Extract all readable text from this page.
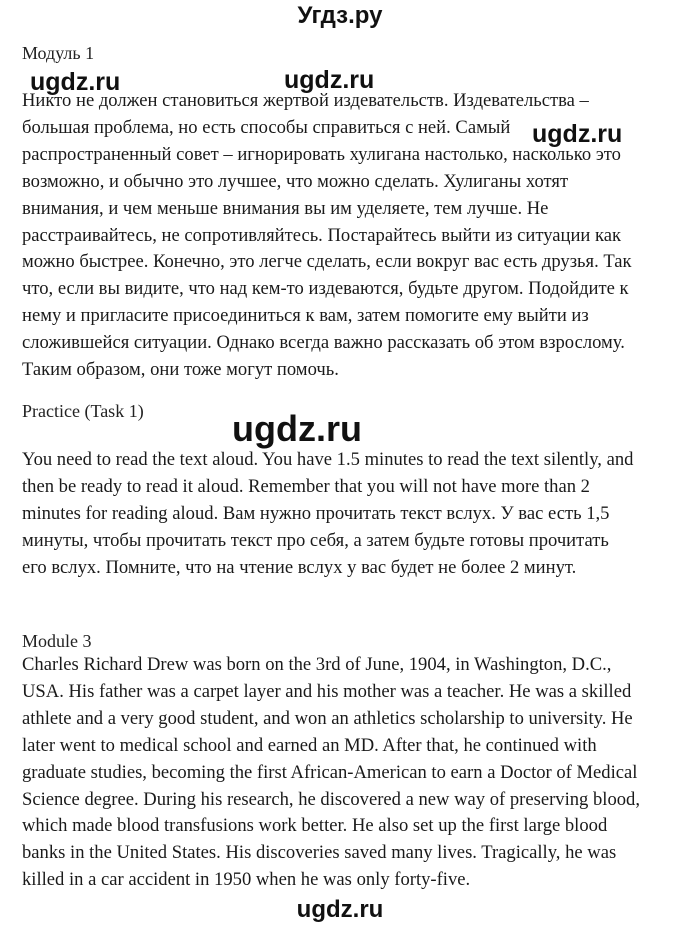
Угдз.ру
Модуль 1

Никто не должен становиться жертвой издевательств. Издевательства –
большая проблема, но есть способы справиться с ней. Самый
распространенный совет – игнорировать хулигана настолько, насколько это
возможно, и обычно это лучшее, что можно сделать. Хулиганы хотят
внимания, и чем меньше внимания вы им уделяете, тем лучше. Не
расстраивайтесь, не сопротивляйтесь. Постарайтесь выйти из ситуации как
можно быстрее. Конечно, это легче сделать, если вокруг вас есть друзья. Так
что, если вы видите, что над кем-то издеваются, будьте другом. Подойдите к
нему и пригласите присоединиться к вам, затем помогите ему выйти из
сложившейся ситуации. Однако всегда важно рассказать об этом взрослому.
Таким образом, они тоже могут помочь.

Practice (Task 1)

You need to read the text aloud. You have 1.5 minutes to read the text silently, and
then be ready to read it aloud. Remember that you will not have more than 2
minutes for reading aloud. Вам нужно прочитать текст вслух. У вас есть 1,5
минуты, чтобы прочитать текст про себя, а затем будьте готовы прочитать
его вслух. Помните, что на чтение вслух у вас будет не более 2 минут.

Module 3

Charles Richard Drew was born on the 3rd of June, 1904, in Washington, D.C.,
USA. His father was a carpet layer and his mother was a teacher. He was a skilled
athlete and a very good student, and won an athletics scholarship to university. He
later went to medical school and earned an MD. After that, he continued with
graduate studies, becoming the first African-American to earn a Doctor of Medical
Science degree. During his research, he discovered a new way of preserving blood,
which made blood transfusions work better. He also set up the first large blood
banks in the United States. His discoveries saved many lives. Tragically, he was
killed in a car accident in 1950 when he was only forty-five.

ugdz.ru	ugdz.ru
ugdz.ru
ugdz.ru
ugdz.ru
